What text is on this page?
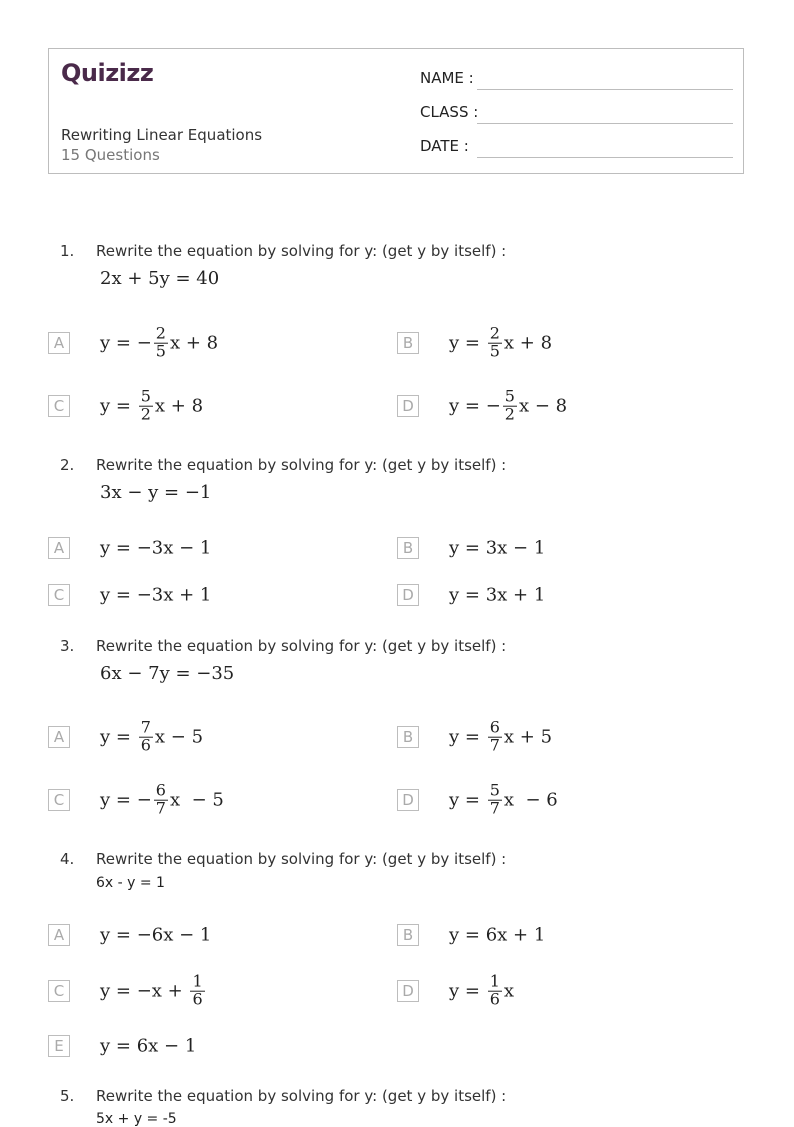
Quizizz
Rewriting Linear Equations
15 Questions
NAME :
CLASS :
DATE :
1. Rewrite the equation by solving for y: (get y by itself) :
2x + 5y = 40
A	y = − $\frac{2}{5}$ x + 8	B	$y = \frac{2}{5}$ x + 8
C	$y = \frac{5}{2}$ x + 8	D y = − $\frac{5}{2}$ x − 8
2. Rewrite the equation by solving for y: (get y by itself) :
3x − y = −1
A	y = −3x − 1	B	y = 3x − 1
C	y = −3x + 1	D y = 3x + 1
3. Rewrite the equation by solving for y: (get y by itself) :
6x − 7y = −35
A	$y = \frac{7}{6}$ x − 5	B	$y = \frac{6}{7}$ x + 5
C	y = − $\frac{6}{7}$ x  − 5	D $y = \frac{5}{7}$ x  − 6
4. Rewrite the equation by solving for y: (get y by itself) :
6x - y = 1
A	y = −6x − 1	B	y = 6x + 1
C	$y = -x + \frac{1}{6}$	D $y = \frac{1}{6}$ x
E	y = 6x − 1
5. Rewrite the equation by solving for y: (get y by itself) :
5x + y = -5
